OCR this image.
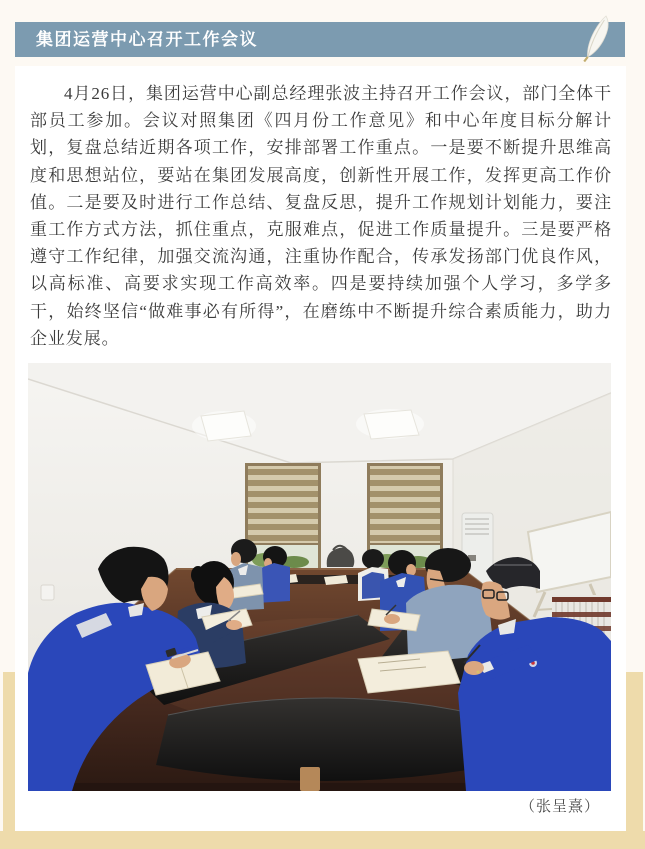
集团运营中心召开工作会议

4月26日，集团运营中心副总经理张波主持召开工作会议，部门全体干部员工参加。会议对照集团《四月份工作意见》和中心年度目标分解计划，复盘总结近期各项工作，安排部署工作重点。一是要不断提升思维高度和思想站位，要站在集团发展高度，创新性开展工作，发挥更高工作价值。二是要及时进行工作总结、复盘反思，提升工作规划计划能力，要注重工作方式方法，抓住重点，克服难点，促进工作质量提升。三是要严格遵守工作纪律，加强交流沟通，注重协作配合，传承发扬部门优良作风，以高标准、高要求实现工作高效率。四是要持续加强个人学习，多学多干，始终坚信“做难事必有所得”，在磨练中不断提升综合素质能力，助力企业发展。

（张呈熹）
